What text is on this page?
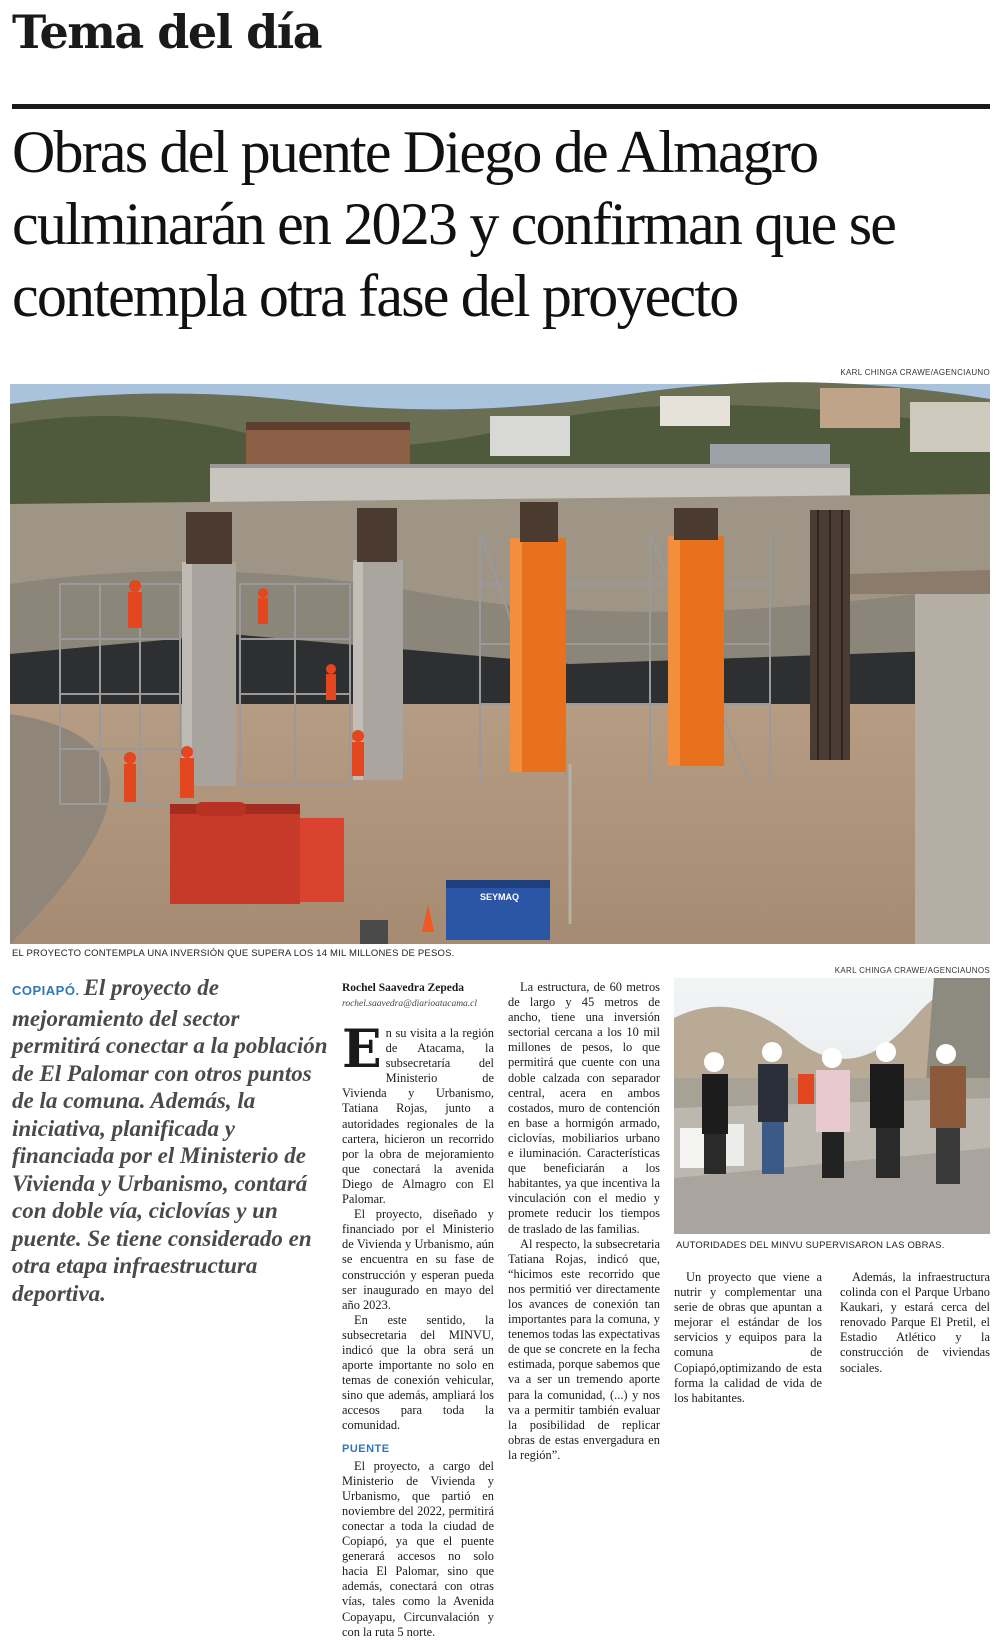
Tema del día
Obras del puente Diego de Almagro culminarán en 2023 y confirman que se contempla otra fase del proyecto
KARL CHINGA CRAWE/AGENCIAUNO
SEYMAQ
EL PROYECTO CONTEMPLA UNA INVERSIÓN QUE SUPERA LOS 14 MIL MILLONES DE PESOS.
KARL CHINGA CRAWE/AGENCIAUNOS
AUTORIDADES DEL MINVU SUPERVISARON LAS OBRAS.
COPIAPÓ. El proyecto de mejoramiento del sector permitirá conectar a la población de El Palomar con otros puntos de la comuna. Además, la iniciativa, planificada y financiada por el Ministerio de Vivienda y Urbanismo, contará con doble vía, ciclovías y un puente. Se tiene considerado en otra etapa infraestructura deportiva.
Rochel Saavedra Zepeda
rochel.saavedra@diarioatacama.cl

En su visita a la región de Atacama, la subsecretaría del Ministerio de Vivienda y Urbanismo, Tatiana Rojas, junto a autoridades regionales de la cartera, hicieron un recorrido por la obra de mejoramiento que conectará la avenida Diego de Almagro con El Palomar.

El proyecto, diseñado y financiado por el Ministerio de Vivienda y Urbanismo, aún se encuentra en su fase de construcción y esperan pueda ser inaugurado en mayo del año 2023.

En este sentido, la subsecretaria del MINVU, indicó que la obra será un aporte importante no solo en temas de conexión vehicular, sino que además, ampliará los accesos para toda la comunidad.

PUENTE

El proyecto, a cargo del Ministerio de Vivienda y Urbanismo, que partió en noviembre del 2022, permitirá conectar a toda la ciudad de Copiapó, ya que el puente generará accesos no solo hacia El Palomar, sino que además, conectará con otras vías, tales como la Avenida Copayapu, Circunvalación y con la ruta 5 norte.

La estructura, de 60 metros de largo y 45 metros de ancho, tiene una inversión sectorial cercana a los 10 mil millones de pesos, lo que permitirá que cuente con una doble calzada con separador central, acera en ambos costados, muro de contención en base a hormigón armado, ciclovías, mobiliarios urbano e iluminación. Características que beneficiarán a los habitantes, ya que incentiva la vinculación con el medio y promete reducir los tiempos de traslado de las familias.

Al respecto, la subsecretaria Tatiana Rojas, indicó que, “hicimos este recorrido que nos permitió ver directamente los avances de conexión tan importantes para la comuna, y tenemos todas las expectativas de que se concrete en la fecha estimada, porque sabemos que va a ser un tremendo aporte para la comunidad, (...) y nos va a permitir también evaluar la posibilidad de replicar obras de estas envergadura en la región”.

Un proyecto que viene a nutrir y complementar una serie de obras que apuntan a mejorar el estándar de los servicios y equipos para la comuna de Copiapó,optimizando de esta forma la calidad de vida de los habitantes.

Además, la infraestructura colinda con el Parque Urbano Kaukari, y estará cerca del renovado Parque El Pretil, el Estadio Atlético y la construcción de viviendas sociales.
